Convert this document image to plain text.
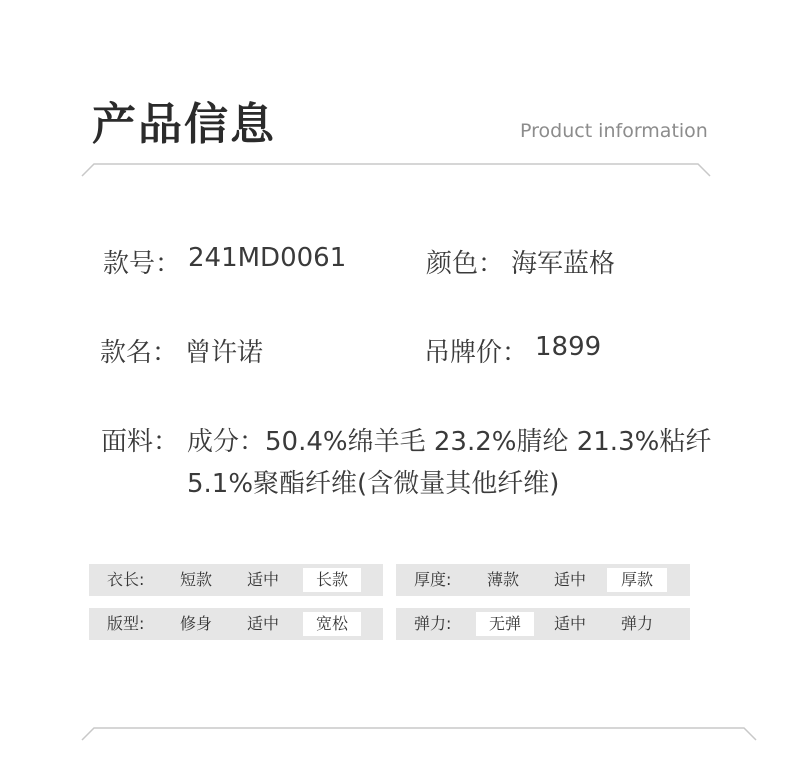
产品信息	Product information
款号： 241MD0061	颜色： 海军蓝格
款名： 曾许诺	吊牌价： 1899
面料： 成分：50.4%绵羊毛 23.2%腈纶 21.3%粘纤
5.1%聚酯纤维(含微量其他纤维)
衣长:	短款	适中	长款	厚度:	薄款	适中	厚款
版型:	修身	适中	宽松	弹力:	无弹	适中	弹力
